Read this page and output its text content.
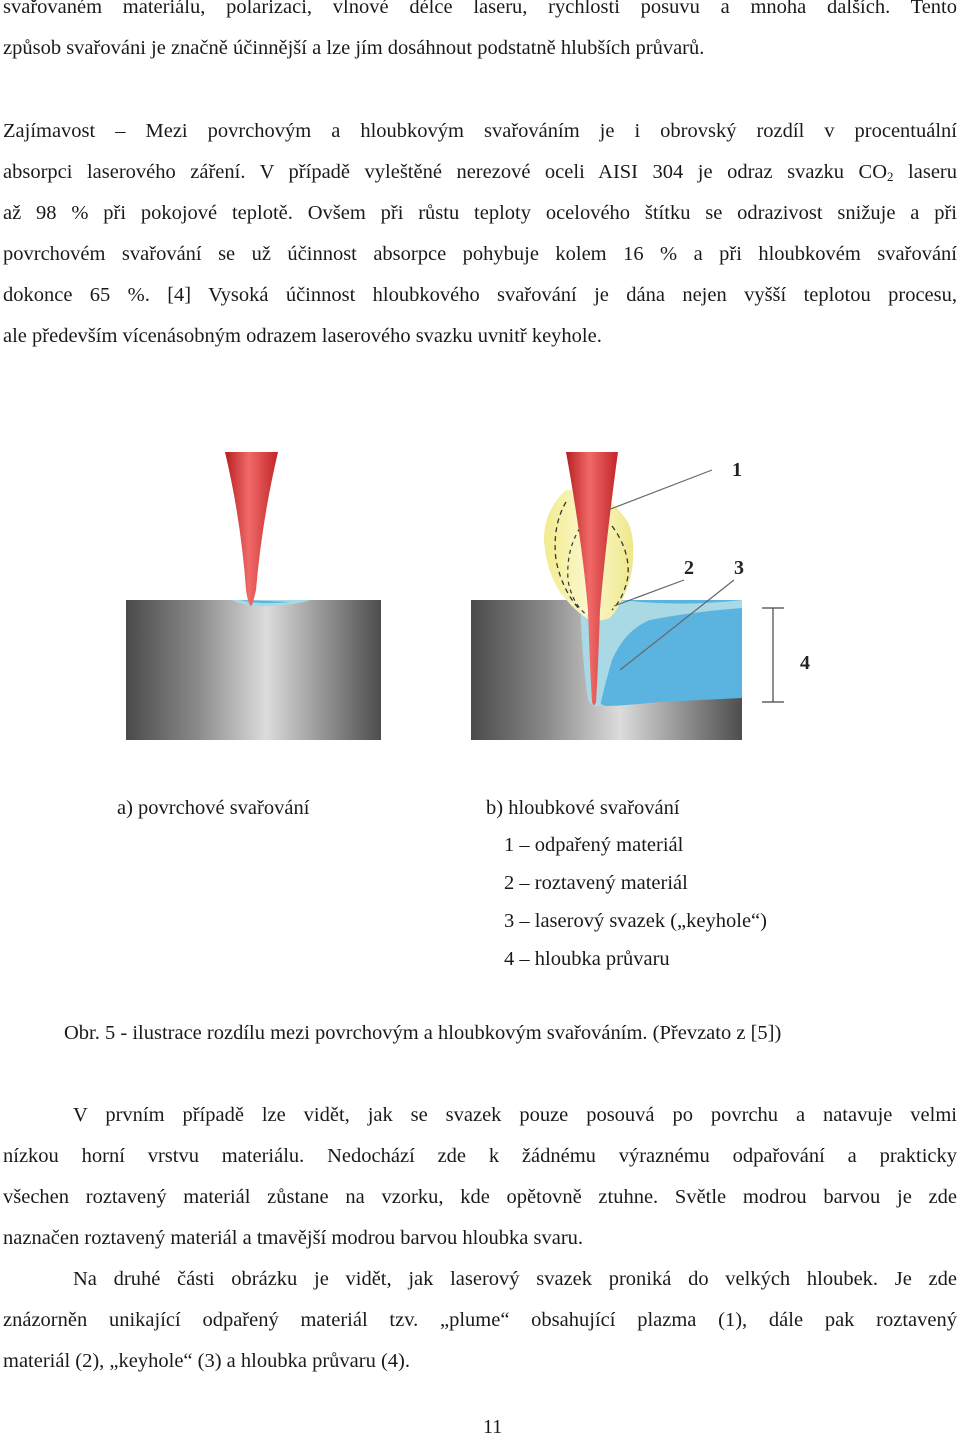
svařovaném materiálu, polarizaci, vlnové délce laseru, rychlosti posuvu a mnoha dalších. Tento
způsob svařováni je značně účinnější a lze jím dosáhnout podstatně hlubších průvarů.
Zajímavost – Mezi povrchovým a hloubkovým svařováním je i obrovský rozdíl v procentuální
absorpci laserového záření. V případě vyleštěné nerezové oceli AISI 304 je odraz svazku $CO_2$ laseru
až 98 % při pokojové teplotě. Ovšem při růstu teploty ocelového štítku se odrazivost snižuje a při
povrchovém svařování se už účinnost absorpce pohybuje kolem 16 % a při hloubkovém svařování
dokonce 65 %. [4] Vysoká účinnost hloubkového svařování je dána nejen vyšší teplotou procesu,
ale především vícenásobným odrazem laserového svazku uvnitř keyhole.
1
2 3
4
a) povrchové svařování	b) hloubkové svařování
1 – odpařený materiál
2 – roztavený materiál
3 – laserový svazek („keyhole“)
4 – hloubka průvaru
Obr. 5 - ilustrace rozdílu mezi povrchovým a hloubkovým svařováním. (Převzato z [5])
V prvním případě lze vidět, jak se svazek pouze posouvá po povrchu a natavuje velmi
nízkou horní vrstvu materiálu. Nedochází zde k žádnému výraznému odpařování a prakticky
všechen roztavený materiál zůstane na vzorku, kde opětovně ztuhne. Světle modrou barvou je zde
naznačen roztavený materiál a tmavější modrou barvou hloubka svaru.
Na druhé části obrázku je vidět, jak laserový svazek proniká do velkých hloubek. Je zde
znázorněn unikající odpařený materiál tzv. „plume“ obsahující plazma (1), dále pak roztavený
materiál (2), „keyhole“ (3) a hloubka průvaru (4).
11
